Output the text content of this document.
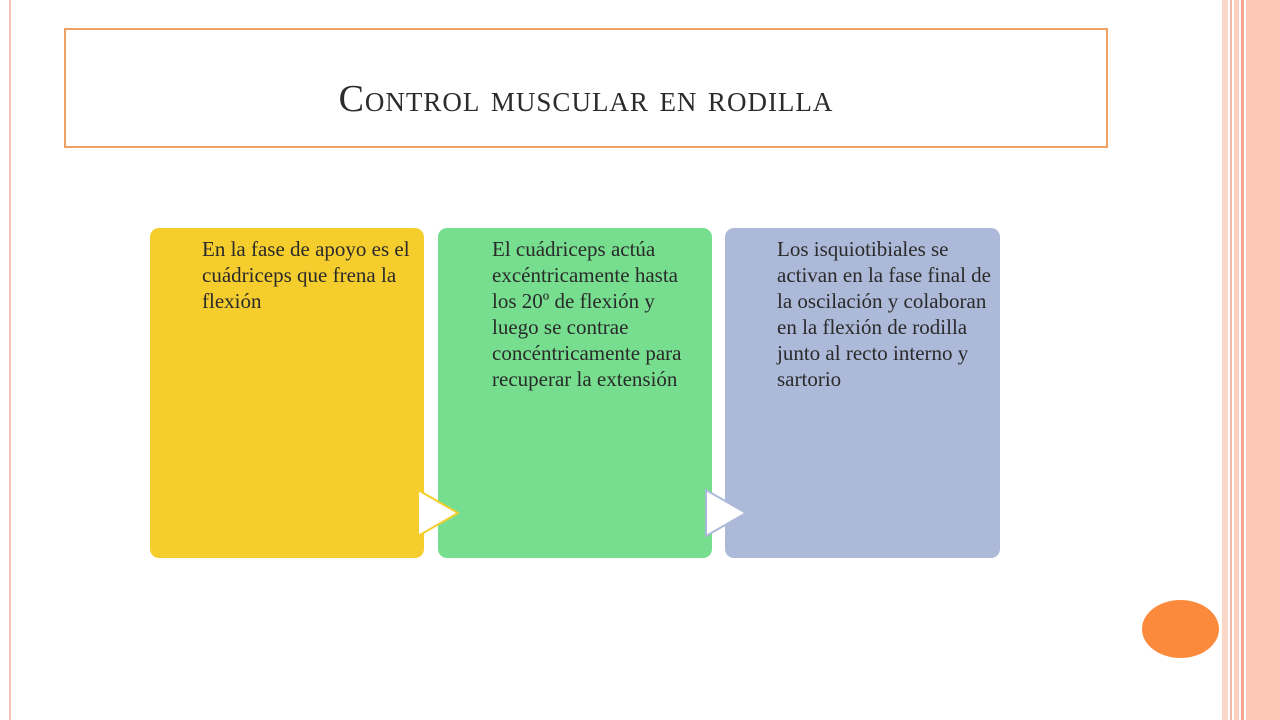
Control muscular en rodilla
En la fase de apoyo es el cuádriceps que frena la flexión
El cuádriceps actúa excéntricamente hasta los 20º de flexión y luego se contrae concéntricamente para recuperar la extensión
Los isquiotibiales se activan en la fase final de la oscilación y colaboran en la flexión de rodilla junto al recto interno y sartorio
